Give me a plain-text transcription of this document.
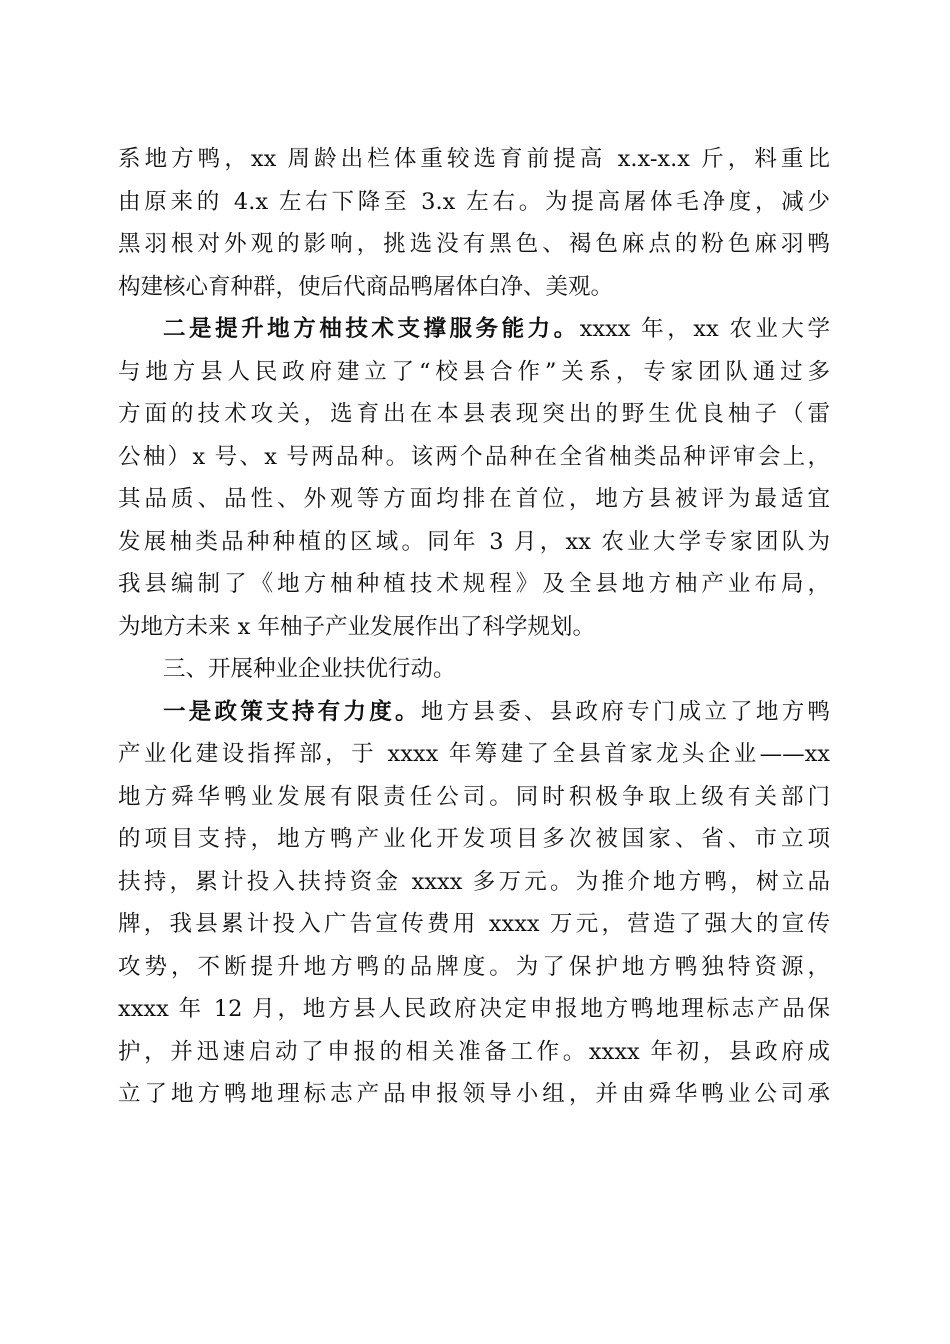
系地方鸭，xx 周龄出栏体重较选育前提高 x.x-x.x 斤，料重比
由原来的 4.x 左右下降至 3.x 左右。为提高屠体毛净度，减少
黑羽根对外观的影响，挑选没有黑色、褐色麻点的粉色麻羽鸭
构建核心育种群，使后代商品鸭屠体白净、美观。
二是提升地方柚技术支撑服务能力。xxxx 年，xx 农业大学
与地方县人民政府建立了“校县合作”关系，专家团队通过多
方面的技术攻关，选育出在本县表现突出的野生优良柚子（雷
公柚）x 号、x 号两品种。该两个品种在全省柚类品种评审会上，
其品质、品性、外观等方面均排在首位，地方县被评为最适宜
发展柚类品种种植的区域。同年 3 月，xx 农业大学专家团队为
我县编制了《地方柚种植技术规程》及全县地方柚产业布局，
为地方未来 x 年柚子产业发展作出了科学规划。
三、开展种业企业扶优行动。
一是政策支持有力度。地方县委、县政府专门成立了地方鸭
产业化建设指挥部，于 xxxx 年筹建了全县首家龙头企业——xx
地方舜华鸭业发展有限责任公司。同时积极争取上级有关部门
的项目支持，地方鸭产业化开发项目多次被国家、省、市立项
扶持，累计投入扶持资金 xxxx 多万元。为推介地方鸭，树立品
牌，我县累计投入广告宣传费用 xxxx 万元，营造了强大的宣传
攻势，不断提升地方鸭的品牌度。为了保护地方鸭独特资源，
xxxx 年 12 月，地方县人民政府决定申报地方鸭地理标志产品保
护，并迅速启动了申报的相关准备工作。xxxx 年初，县政府成
立了地方鸭地理标志产品申报领导小组，并由舜华鸭业公司承
